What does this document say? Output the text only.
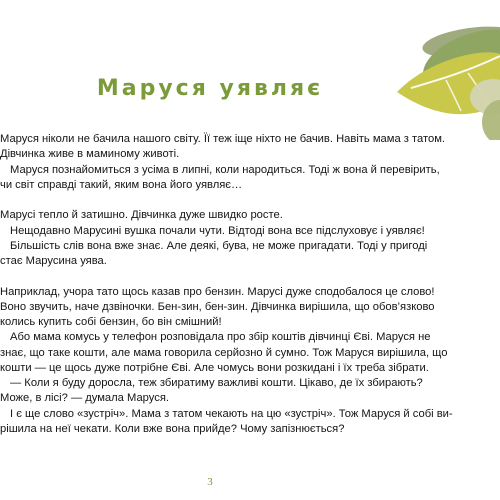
Маруся уявляє
Маруся ніколи не бачила нашого світу. Її теж іще ніхто не бачив. Навіть мама з татом.
Дівчинка живе в маминому животі.
Маруся познайомиться з усіма в липні, коли народиться. Тоді ж вона й перевірить,
чи світ справді такий, яким вона його уявляє…
Марусі тепло й затишно. Дівчинка дуже швидко росте.
Нещодавно Марусині вушка почали чути. Відтоді вона все підслуховує і уявляє!
Більшість слів вона вже знає. Але деякі, бува, не може пригадати. Тоді у пригоді
стає Марусина уява.
Наприклад, учора тато щось казав про бензин. Марусі дуже сподобалося це слово!
Воно звучить, наче дзвіночки. Бен-зин, бен-зин. Дівчинка вирішила, що обов’язково
колись купить собі бензин, бо він смішний!
Або мама комусь у телефон розповідала про збір коштів дівчинці Єві. Маруся не
знає, що таке кошти, але мама говорила серйозно й сумно. Тож Маруся вирішила, що
кошти — це щось дуже потрібне Єві. Але чомусь вони розкидані і їх треба зібрати.
— Коли я буду доросла, теж збиратиму важливі кошти. Цікаво, де їх збирають?
Може, в лісі? — думала Маруся.
І є ще слово «зустріч». Мама з татом чекають на цю «зустріч». Тож Маруся й собі ви-
рішила на неї чекати. Коли вже вона прийде? Чому запізнюється?
3
